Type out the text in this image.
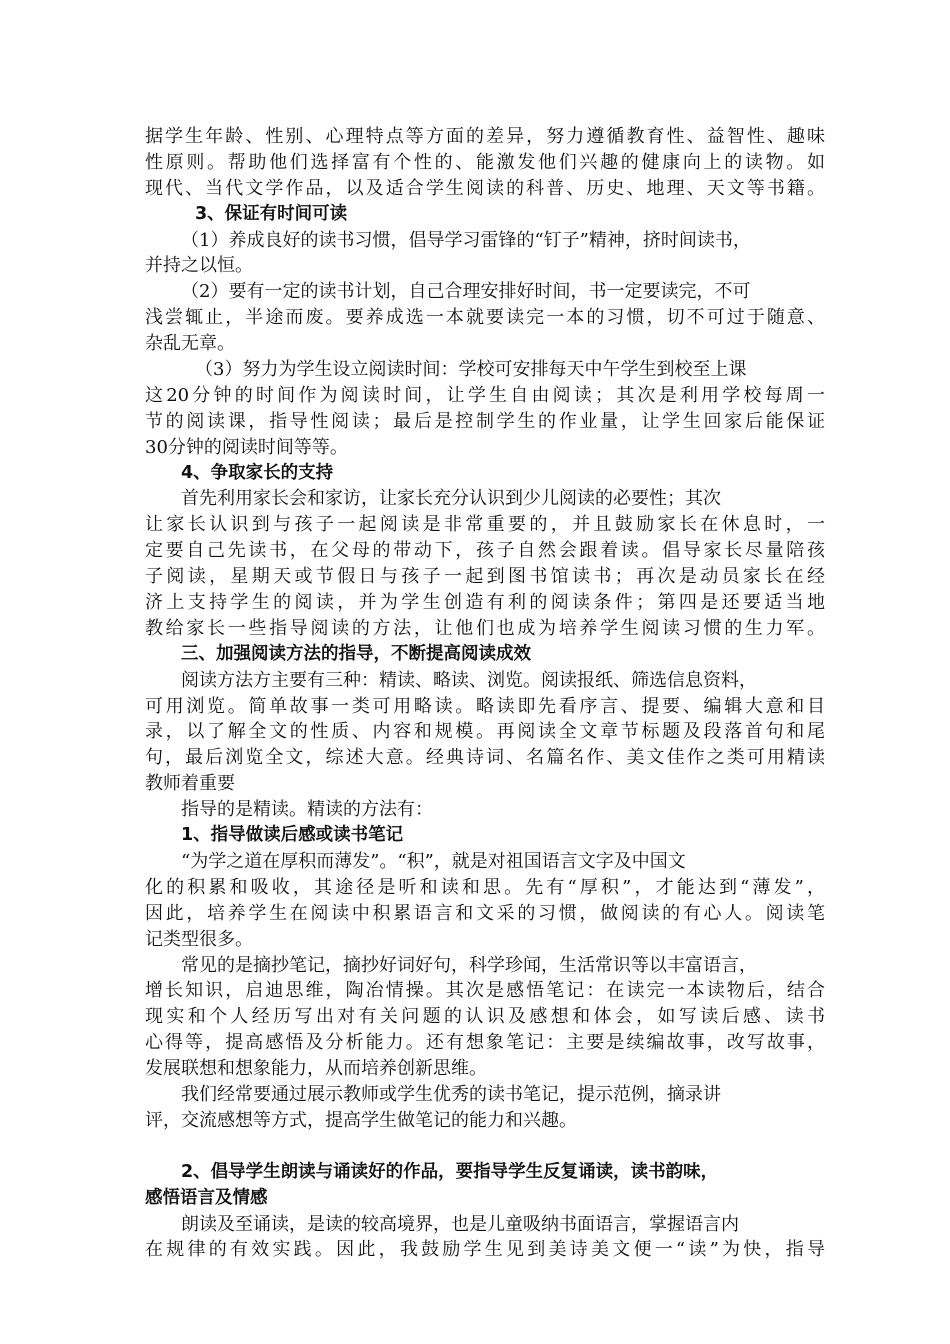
据学生年龄、性别、心理特点等方面的差异，努力遵循教育性、益智性、趣味
性原则。帮助他们选择富有个性的、能激发他们兴趣的健康向上的读物。如
现代、当代文学作品，以及适合学生阅读的科普、历史、地理、天文等书籍。
3、保证有时间可读
（1）养成良好的读书习惯，倡导学习雷锋的“钉子”精神，挤时间读书，
并持之以恒。
（2）要有一定的读书计划，自己合理安排好时间，书一定要读完，不可
浅尝辄止，半途而废。要养成选一本就要读完一本的习惯，切不可过于随意、
杂乱无章。
（3）努力为学生设立阅读时间：学校可安排每天中午学生到校至上课
这20分钟的时间作为阅读时间，让学生自由阅读；其次是利用学校每周一
节的阅读课，指导性阅读；最后是控制学生的作业量，让学生回家后能保证
30分钟的阅读时间等等。
4、争取家长的支持
首先利用家长会和家访，让家长充分认识到少儿阅读的必要性；其次
让家长认识到与孩子一起阅读是非常重要的，并且鼓励家长在休息时，一
定要自己先读书，在父母的带动下，孩子自然会跟着读。倡导家长尽量陪孩
子阅读，星期天或节假日与孩子一起到图书馆读书；再次是动员家长在经
济上支持学生的阅读，并为学生创造有利的阅读条件；第四是还要适当地
教给家长一些指导阅读的方法，让他们也成为培养学生阅读习惯的生力军。
三、加强阅读方法的指导，不断提高阅读成效
阅读方法方主要有三种：精读、略读、浏览。阅读报纸、筛选信息资料，
可用浏览。简单故事一类可用略读。略读即先看序言、提要、编辑大意和目
录，以了解全文的性质、内容和规模。再阅读全文章节标题及段落首句和尾
句，最后浏览全文，综述大意。经典诗词、名篇名作、美文佳作之类可用精读
教师着重要
指导的是精读。精读的方法有：
1、指导做读后感或读书笔记
“为学之道在厚积而薄发”。“积”，就是对祖国语言文字及中国文
化的积累和吸收，其途径是听和读和思。先有“厚积”，才能达到“薄发”，
因此，培养学生在阅读中积累语言和文采的习惯，做阅读的有心人。阅读笔
记类型很多。
常见的是摘抄笔记，摘抄好词好句，科学珍闻，生活常识等以丰富语言，
增长知识，启迪思维，陶冶情操。其次是感悟笔记：在读完一本读物后，结合
现实和个人经历写出对有关问题的认识及感想和体会，如写读后感、读书
心得等，提高感悟及分析能力。还有想象笔记：主要是续编故事，改写故事，
发展联想和想象能力，从而培养创新思维。
我们经常要通过展示教师或学生优秀的读书笔记，提示范例，摘录讲
评，交流感想等方式，提高学生做笔记的能力和兴趣。
2、倡导学生朗读与诵读好的作品，要指导学生反复诵读，读书韵味，
感悟语言及情感
朗读及至诵读，是读的较高境界，也是儿童吸纳书面语言，掌握语言内
在规律的有效实践。因此，我鼓励学生见到美诗美文便一“读”为快，指导
